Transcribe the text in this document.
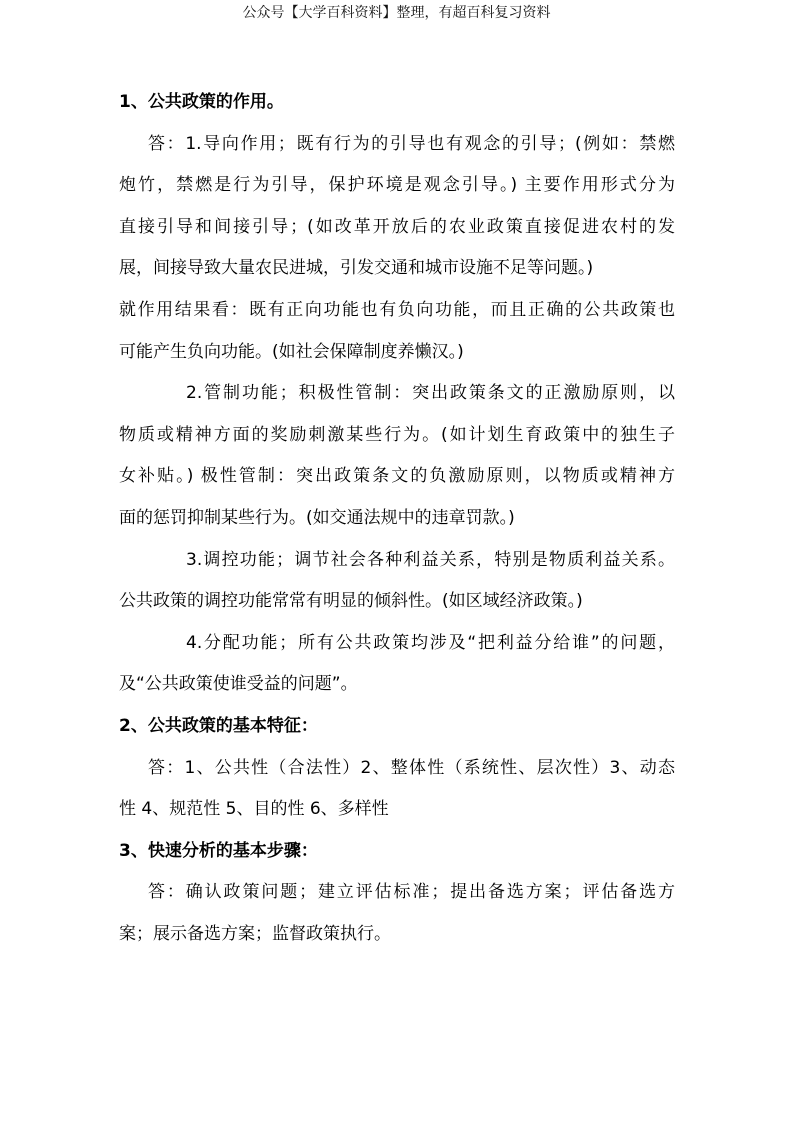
公众号【大学百科资料】整理，有超百科复习资料
1、公共政策的作用。
答：1.导向作用；既有行为的引导也有观念的引导；(例如：禁燃
炮竹，禁燃是行为引导，保护环境是观念引导。) 主要作用形式分为
直接引导和间接引导；(如改革开放后的农业政策直接促进农村的发
展，间接导致大量农民进城，引发交通和城市设施不足等问题。)
就作用结果看：既有正向功能也有负向功能，而且正确的公共政策也
可能产生负向功能。(如社会保障制度养懒汉。)
2.管制功能；积极性管制：突出政策条文的正激励原则，以
物质或精神方面的奖励刺激某些行为。(如计划生育政策中的独生子
女补贴。) 极性管制：突出政策条文的负激励原则，以物质或精神方
面的惩罚抑制某些行为。(如交通法规中的违章罚款。)
3.调控功能；调节社会各种利益关系，特别是物质利益关系。
公共政策的调控功能常常有明显的倾斜性。(如区域经济政策。)
4.分配功能；所有公共政策均涉及“把利益分给谁”的问题，
及“公共政策使谁受益的问题”。
2、公共政策的基本特征：
答：1、公共性（合法性）2、整体性（系统性、层次性）3、动态
性 4、规范性 5、目的性 6、多样性
3、快速分析的基本步骤：
答：确认政策问题；建立评估标准；提出备选方案；评估备选方
案；展示备选方案；监督政策执行。
